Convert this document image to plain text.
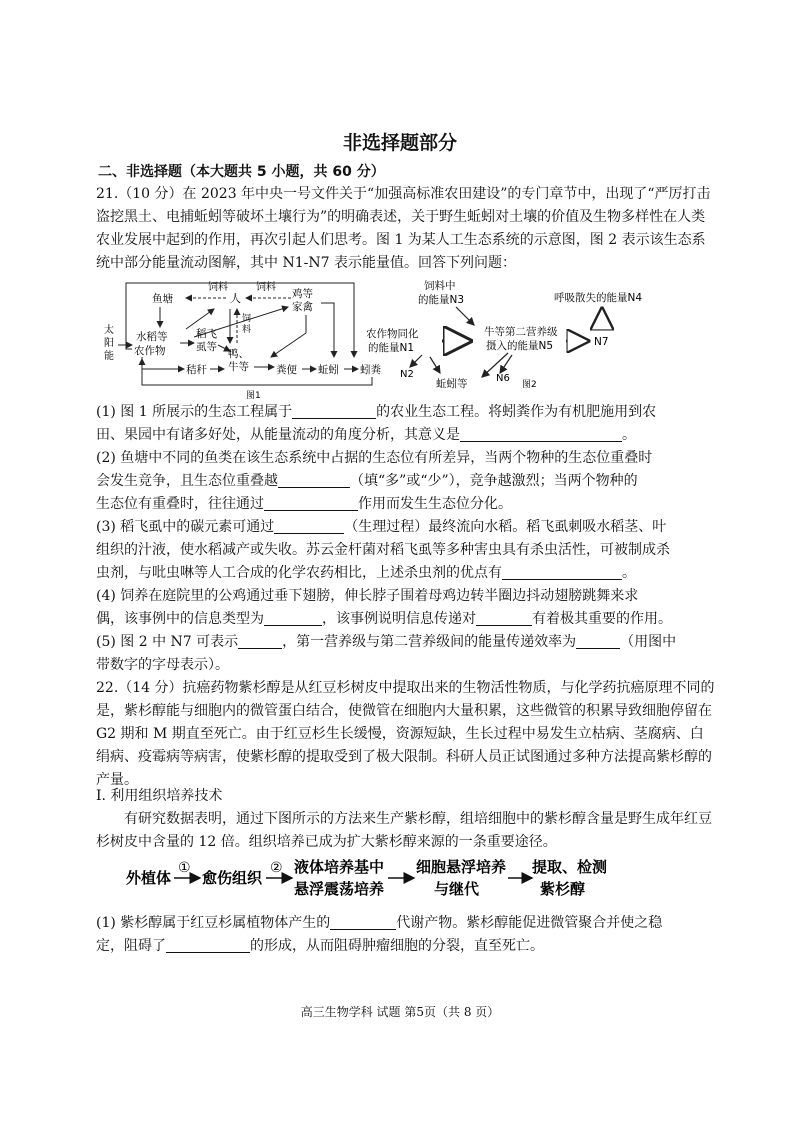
非选择题部分
二、非选择题（本大题共 5 小题，共 60 分）
21.（10 分）在 2023 年中央一号文件关于“加强高标准农田建设”的专门章节中，出现了“严厉打击盗挖黑土、电捕蚯蚓等破坏土壤行为”的明确表述，关于野生蚯蚓对土壤的价值及生物多样性在人类农业发展中起到的作用，再次引起人们思考。图 1 为某人工生态系统的示意图，图 2 表示该生态系统中部分能量流动图解，其中 N1-N7 表示能量值。回答下列问题：
太
阳
能
水稻等
农作物
鱼塘
饲料
人
饲料
鸡等
家禽
稻飞
虱等
饲
料
鸭、
牛等
秸秆	粪便 蚯蚓 蚓粪
图1
饲料中
的能量N3	呼吸散失的能量N4
农作物同化
的能量N1
牛等第二营养级
摄入的能量N5	N7
N2
蚯蚓等	N6
图2
(1) 图 1 所展示的生态工程属于	的农业生态工程。将蚓粪作为有机肥施用到农
田、果园中有诸多好处，从能量流动的角度分析，其意义是	。
(2) 鱼塘中不同的鱼类在该生态系统中占据的生态位有所差异，当两个物种的生态位重叠时
会发生竞争，且生态位重叠越	（填“多”或“少”），竞争越激烈；当两个物种的
生态位有重叠时，往往通过	作用而发生生态位分化。
(3) 稻飞虱中的碳元素可通过	（生理过程）最终流向水稻。稻飞虱刺吸水稻茎、叶
组织的汁液，使水稻减产或失收。苏云金杆菌对稻飞虱等多种害虫具有杀虫活性，可被制成杀
虫剂，与吡虫啉等人工合成的化学农药相比，上述杀虫剂的优点有	。
(4) 饲养在庭院里的公鸡通过垂下翅膀，伸长脖子围着母鸡边转半圈边抖动翅膀跳舞来求
偶，该事例中的信息类型为	，该事例说明信息传递对	有着极其重要的作用。
(5) 图 2 中 N7 可表示	，第一营养级与第二营养级间的能量传递效率为	（用图中
带数字的字母表示）。
22.（14 分）抗癌药物紫杉醇是从红豆杉树皮中提取出来的生物活性物质，与化学药抗癌原理不同的是，紫杉醇能与细胞内的微管蛋白结合，使微管在细胞内大量积累，这些微管的积累导致细胞停留在 G2 期和 M 期直至死亡。由于红豆杉生长缓慢，资源短缺，生长过程中易发生立枯病、茎腐病、白绢病、疫霉病等病害，使紫杉醇的提取受到了极大限制。科研人员正试图通过多种方法提高紫杉醇的产量。
I. 利用组织培养技术
有研究数据表明，通过下图所示的方法来生产紫杉醇，组培细胞中的紫杉醇含量是野生成年红豆杉树皮中含量的 12 倍。组织培养已成为扩大紫杉醇来源的一条重要途径。
外植体
①
愈伤组织
② 液体培养基中
悬浮震荡培养
细胞悬浮培养
与继代
提取、检测
紫杉醇
(1) 紫杉醇属于红豆杉属植物体产生的	代谢产物。紫杉醇能促进微管聚合并使之稳
定，阻碍了	的形成，从而阻碍肿瘤细胞的分裂，直至死亡。
高三生物学科 试题 第5页（共 8 页）
